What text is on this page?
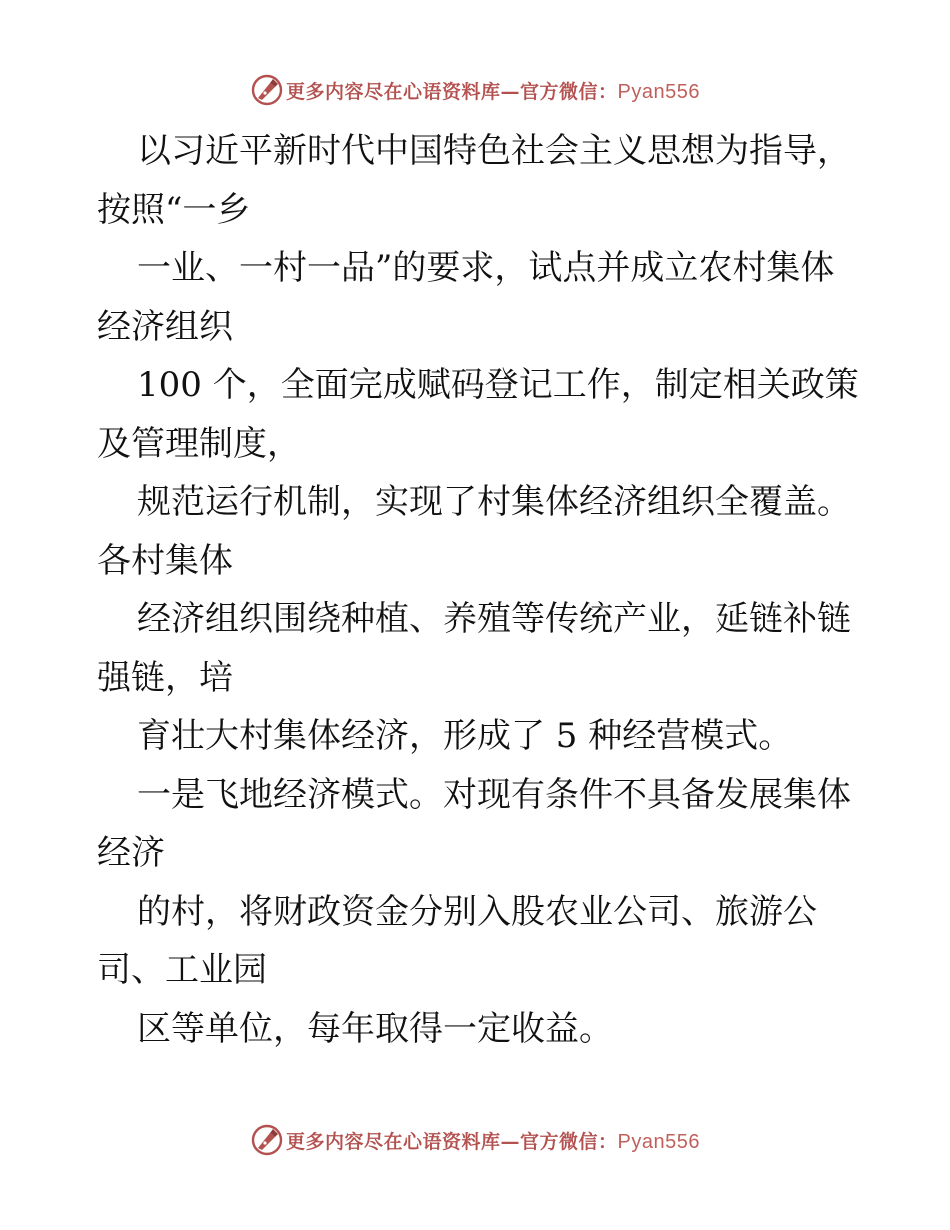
更多内容尽在心语资料库—官方微信：Pyan556
以习近平新时代中国特色社会主义思想为指导，
按照“一乡
一业、一村一品”的要求，试点并成立农村集体
经济组织
100 个，全面完成赋码登记工作，制定相关政策
及管理制度，
规范运行机制，实现了村集体经济组织全覆盖。
各村集体
经济组织围绕种植、养殖等传统产业，延链补链
强链，培
育壮大村集体经济，形成了 5 种经营模式。
一是飞地经济模式。对现有条件不具备发展集体
经济
的村，将财政资金分别入股农业公司、旅游公
司、工业园
区等单位，每年取得一定收益。
更多内容尽在心语资料库—官方微信：Pyan556
